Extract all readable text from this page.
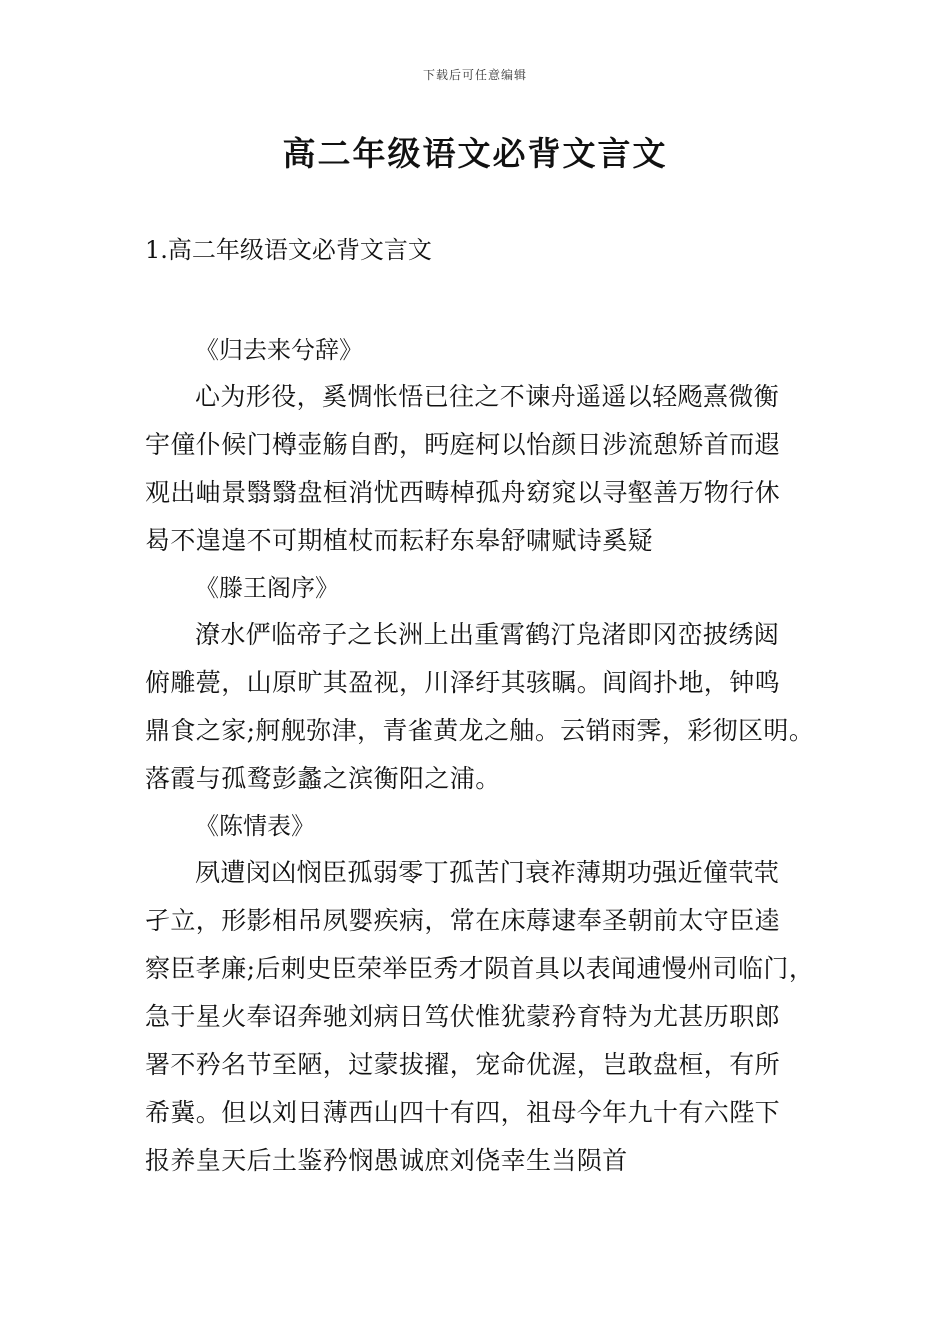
下载后可任意编辑
高二年级语文必背文言文
1.高二年级语文必背文言文
《归去来兮辞》
心为形役，奚惆怅悟已往之不谏舟遥遥以轻飏熹微衡
宇僮仆候门樽壶觞自酌，眄庭柯以怡颜日涉流憩矫首而遐
观出岫景翳翳盘桓消忧西畴棹孤舟窈窕以寻壑善万物行休
曷不遑遑不可期植杖而耘耔东皋舒啸赋诗奚疑
《滕王阁序》
潦水俨临帝子之长洲上出重霄鹤汀凫渚即冈峦披绣闼
俯雕甍，山原旷其盈视，川泽纡其骇瞩。闾阎扑地，钟鸣
鼎食之家;舸舰弥津，青雀黄龙之舳。云销雨霁，彩彻区明。
落霞与孤鹜彭蠡之滨衡阳之浦。
《陈情表》
夙遭闵凶悯臣孤弱零丁孤苦门衰祚薄期功强近僮茕茕
孑立，形影相吊夙婴疾病，常在床蓐逮奉圣朝前太守臣逵
察臣孝廉;后刺史臣荣举臣秀才陨首具以表闻逋慢州司临门，
急于星火奉诏奔驰刘病日笃伏惟犹蒙矜育特为尤甚历职郎
署不矜名节至陋，过蒙拔擢，宠命优渥，岂敢盘桓，有所
希冀。但以刘日薄西山四十有四，祖母今年九十有六陛下
报养皇天后土鉴矜悯愚诚庶刘侥幸生当陨首
